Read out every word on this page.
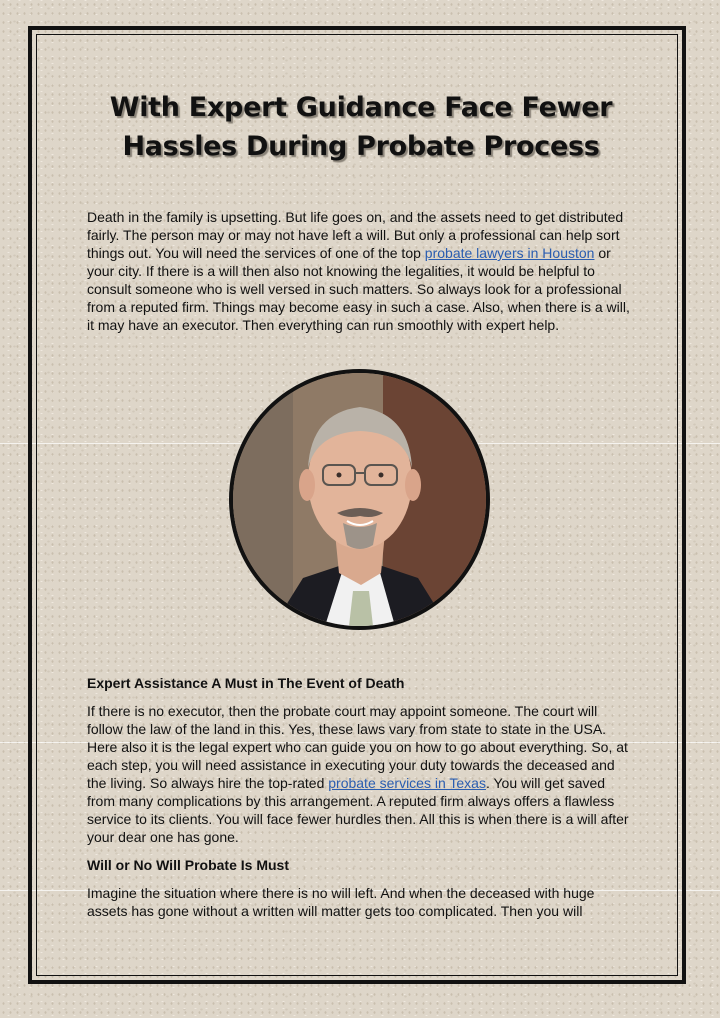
With Expert Guidance Face Fewer
Hassles During Probate Process

Death in the family is upsetting. But life goes on, and the assets need to get distributed fairly. The person may or may not have left a will. But only a professional can help sort things out. You will need the services of one of the top probate lawyers in Houston or your city. If there is a will then also not knowing the legalities, it would be helpful to consult someone who is well versed in such matters. So always look for a professional from a reputed firm. Things may become easy in such a case. Also, when there is a will, it may have an executor. Then everything can run smoothly with expert help.

Expert Assistance A Must in The Event of Death

If there is no executor, then the probate court may appoint someone. The court will follow the law of the land in this. Yes, these laws vary from state to state in the USA. Here also it is the legal expert who can guide you on how to go about everything. So, at each step, you will need assistance in executing your duty towards the deceased and the living. So always hire the top-rated probate services in Texas. You will get saved from many complications by this arrangement. A reputed firm always offers a flawless service to its clients. You will face fewer hurdles then. All this is when there is a will after your dear one has gone.

Will or No Will Probate Is Must

Imagine the situation where there is no will left. And when the deceased with huge assets has gone without a written will matter gets too complicated. Then you will
